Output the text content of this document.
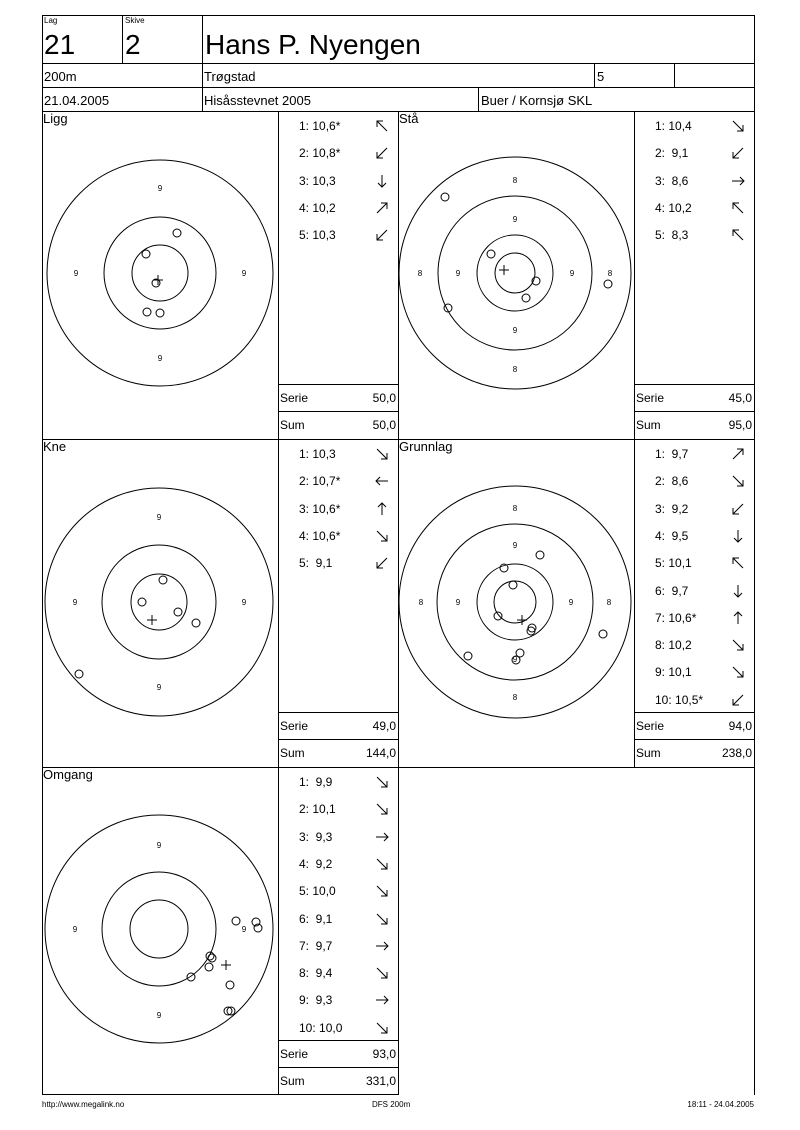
Lag
21
Skive
2 Hans P. Nyengen
200m	Trøgstad	5
21.04.2005	Hisåsstevnet 2005	Buer / Kornsjø SKL
Ligg
9
9
9	9
1: 10,6*
2: 10,8*
3: 10,3
4: 10,2
5: 10,3
Serie	50,0
Sum	50,0
Stå
8
9
9
8
8	9	9	8
1: 10,4
2:  9,1
3:  8,6
4: 10,2
5:  8,3
Serie	45,0
Sum	95,0
Kne
9
9
9	9
1: 10,3
2: 10,7*
3: 10,6*
4: 10,6*
5:  9,1
Serie	49,0
Sum	144,0
Grunnlag
8
9
9
8
8	9	9	8
1:  9,7
2:  8,6
3:  9,2
4:  9,5
5: 10,1
6:  9,7
7: 10,6*
8: 10,2
9: 10,1
10: 10,5*
Serie	94,0
Sum	238,0
Omgang
9
9
9	9
1:  9,9
2: 10,1
3:  9,3
4:  9,2
5: 10,0
6:  9,1
7:  9,7
8:  9,4
9:  9,3
10: 10,0
Serie	93,0
Sum	331,0
http://www.megalink.no	DFS 200m	18:11 - 24.04.2005
